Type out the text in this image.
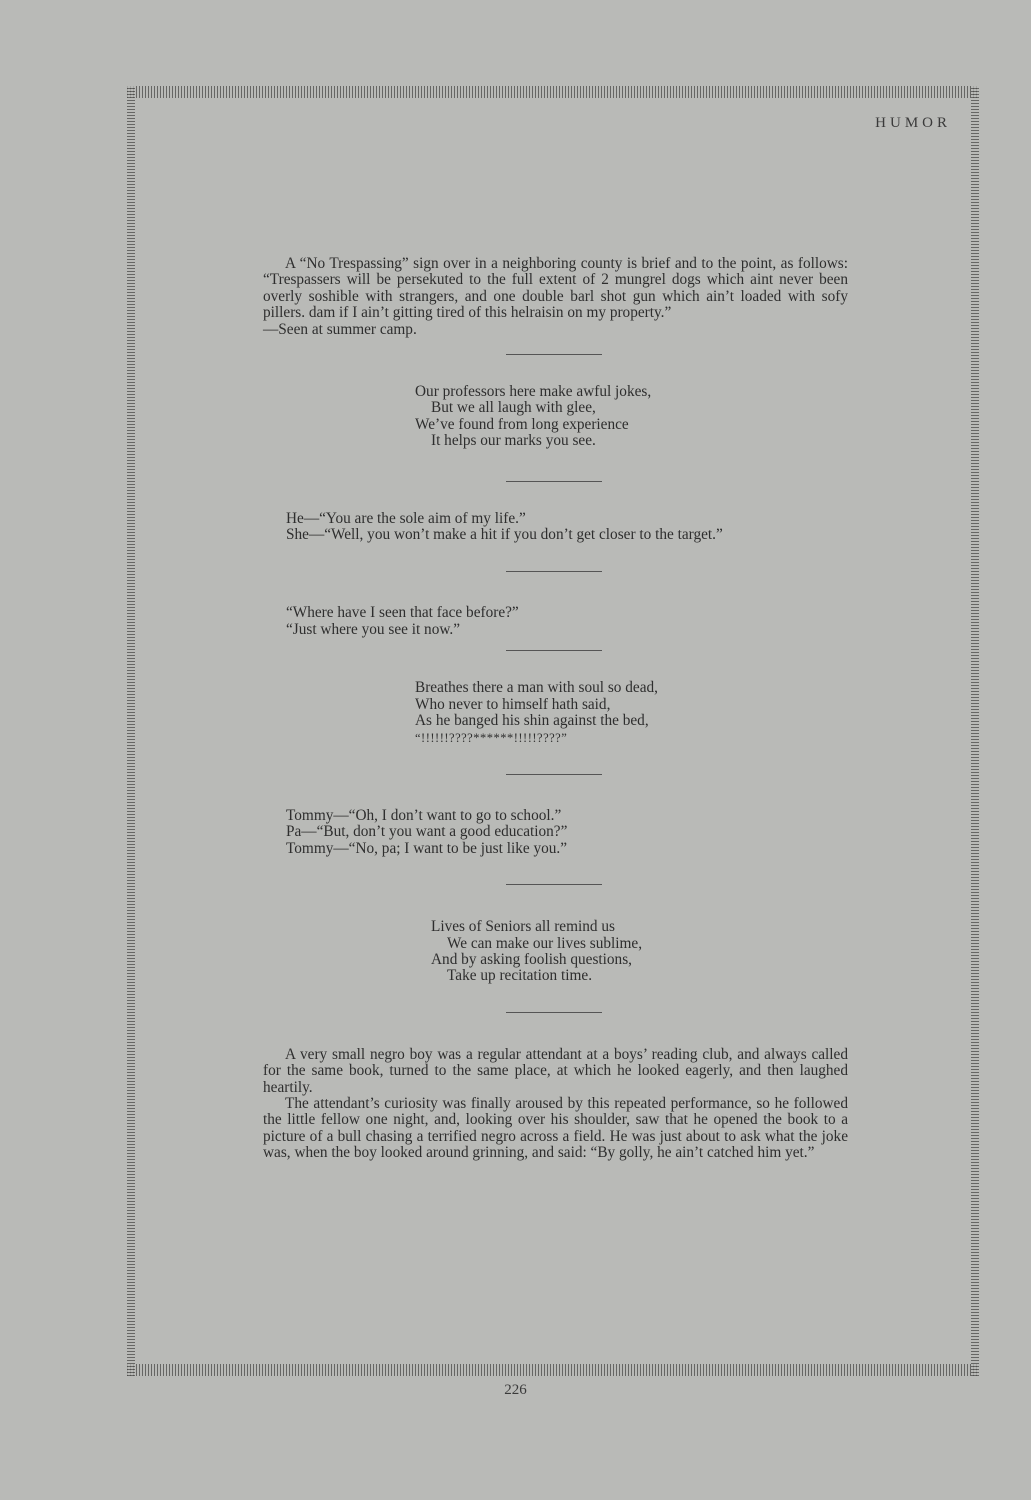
HUMOR

A “No Trespassing” sign over in a neighboring county is brief and to the point, as follows: “Trespassers will be persekuted to the full extent of 2 mungrel dogs which aint never been overly soshible with strangers, and one double barl shot gun which ain’t loaded with sofy pillers. dam if I ain’t gitting tired of this helraisin on my property.”

—Seen at summer camp.
Our professors here make awful jokes,
But we all laugh with glee,
We’ve found from long experience
It helps our marks you see.
He—“You are the sole aim of my life.”
She—“Well, you won’t make a hit if you don’t get closer to the target.”
“Where have I seen that face before?”
“Just where you see it now.”
Breathes there a man with soul so dead,
Who never to himself hath said,
As he banged his shin against the bed,
“!!!!!!????******!!!!!????”
Tommy—“Oh, I don’t want to go to school.”
Pa—“But, don’t you want a good education?”
Tommy—“No, pa; I want to be just like you.”
Lives of Seniors all remind us
We can make our lives sublime,
And by asking foolish questions,
Take up recitation time.

A very small negro boy was a regular attendant at a boys’ reading club, and always called for the same book, turned to the same place, at which he looked eagerly, and then laughed heartily.

The attendant’s curiosity was finally aroused by this repeated performance, so he followed the little fellow one night, and, looking over his shoulder, saw that he opened the book to a picture of a bull chasing a terrified negro across a field. He was just about to ask what the joke was, when the boy looked around grinning, and said: “By golly, he ain’t catched him yet.”

226
